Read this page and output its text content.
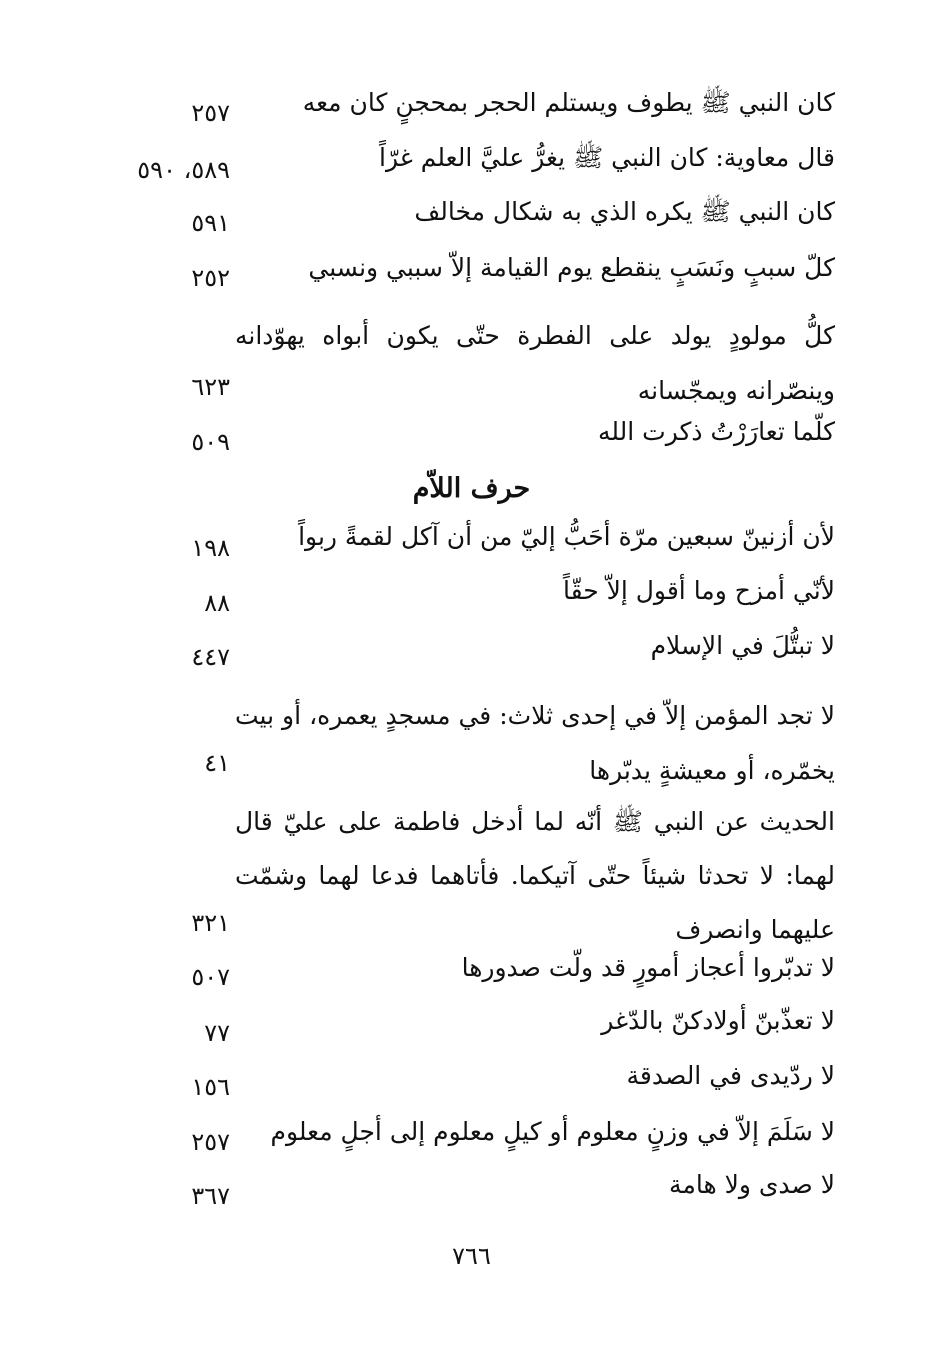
كان النبي ﷺ يطوف ويستلم الحجر بمحجنٍ كان معه
٢٥٧
قال معاوية: كان النبي ﷺ يغرُّ عليَّ العلم غرّاً
٥٨٩، ٥٩٠
كان النبي ﷺ يكره الذي به شكال مخالف
٥٩١
كلّ سببٍ ونَسَبٍ ينقطع يوم القيامة إلاّ سببي ونسبي
٢٥٢
كلُّ مولودٍ يولد على الفطرة حتّى يكون أبواه يهوّدانه وينصّرانه ويمجّسانه
٦٢٣
كلّما تعارَرْتُ ذكرت الله
٥٠٩
حرف اللاّم
لأن أزنينّ سبعين مرّة أحَبُّ إليّ من أن آكل لقمةً ربواً
١٩٨
لأنّي أمزح وما أقول إلاّ حقّاً
٨٨
لا تبتُّلَ في الإسلام
٤٤٧
لا تجد المؤمن إلاّ في إحدى ثلاث: في مسجدٍ يعمره، أو بيت يخمّره، أو معيشةٍ يدبّرها
٤١
الحديث عن النبي ﷺ أنّه لما أدخل فاطمة على عليّ قال لهما: لا تحدثا شيئاً حتّى آتيكما. فأتاهما فدعا لهما وشمّت عليهما وانصرف
٣٢١
لا تدبّروا أعجاز أمورٍ قد ولّت صدورها
٥٠٧
لا تعذّبنّ أولادكنّ بالدّغر
٧٧
لا ردّيدى في الصدقة
١٥٦
لا سَلَمَ إلاّ في وزنٍ معلوم أو كيلٍ معلوم إلى أجلٍ معلوم
٢٥٧
لا صدى ولا هامة
٣٦٧
٧٦٦
